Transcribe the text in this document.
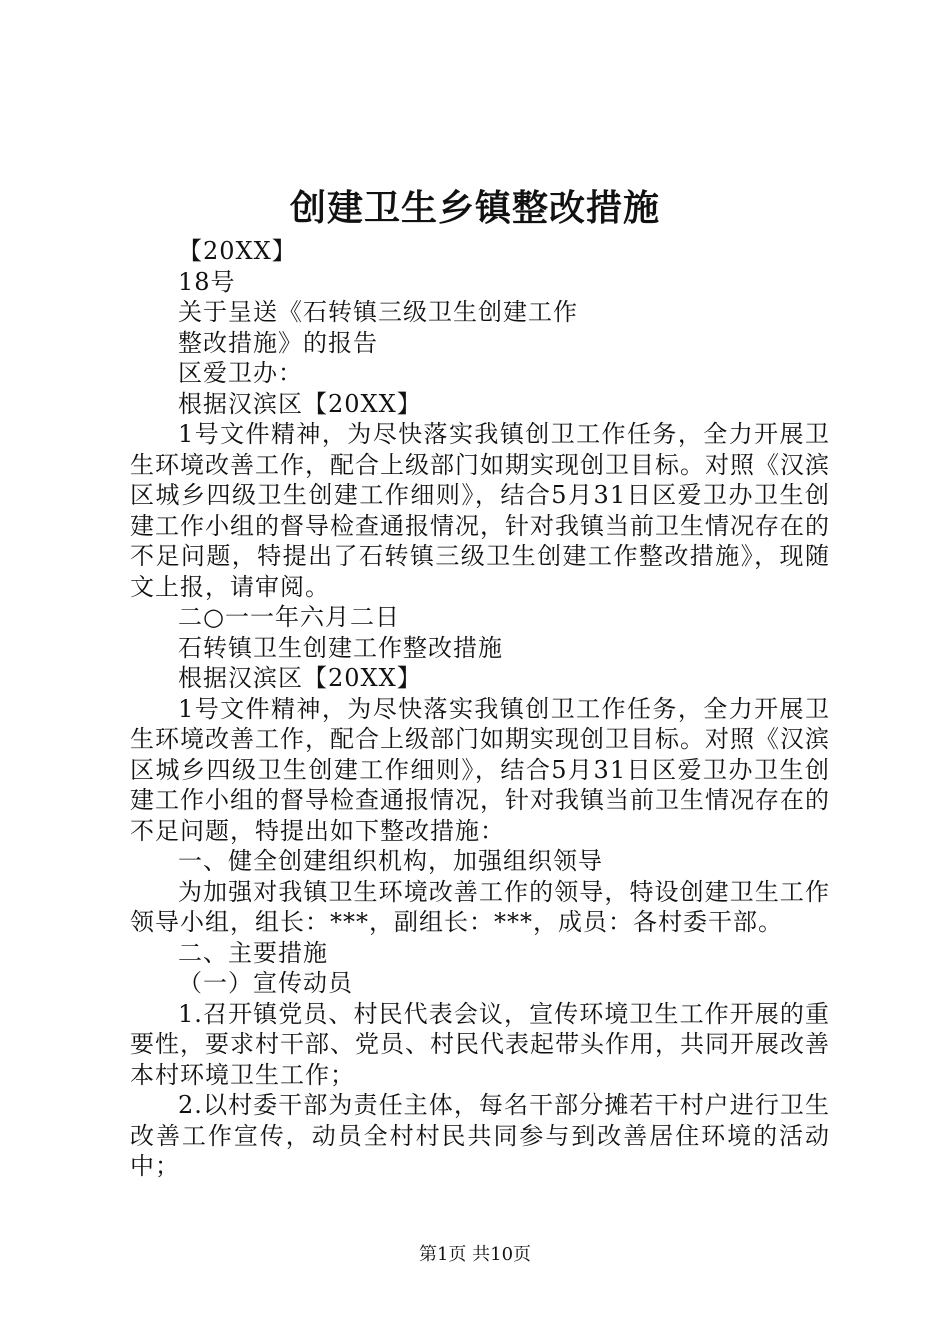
创建卫生乡镇整改措施

【20XX】

18号

关于呈送《石转镇三级卫生创建工作

整改措施》的报告

区爱卫办：

根据汉滨区【20XX】

1号文件精神，为尽快落实我镇创卫工作任务，全力开展卫生环境改善工作，配合上级部门如期实现创卫目标。对照《汉滨区城乡四级卫生创建工作细则》，结合5月31日区爱卫办卫生创建工作小组的督导检查通报情况，针对我镇当前卫生情况存在的不足问题，特提出了石转镇三级卫生创建工作整改措施》，现随文上报，请审阅。

二○一一年六月二日

石转镇卫生创建工作整改措施

根据汉滨区【20XX】

1号文件精神，为尽快落实我镇创卫工作任务，全力开展卫生环境改善工作，配合上级部门如期实现创卫目标。对照《汉滨区城乡四级卫生创建工作细则》，结合5月31日区爱卫办卫生创建工作小组的督导检查通报情况，针对我镇当前卫生情况存在的不足问题，特提出如下整改措施：

一、健全创建组织机构，加强组织领导

为加强对我镇卫生环境改善工作的领导，特设创建卫生工作领导小组，组长：***，副组长：***，成员：各村委干部。

二、主要措施

（一）宣传动员

1.召开镇党员、村民代表会议，宣传环境卫生工作开展的重要性，要求村干部、党员、村民代表起带头作用，共同开展改善本村环境卫生工作；

2.以村委干部为责任主体，每名干部分摊若干村户进行卫生改善工作宣传，动员全村村民共同参与到改善居住环境的活动中；

第1页 共10页
